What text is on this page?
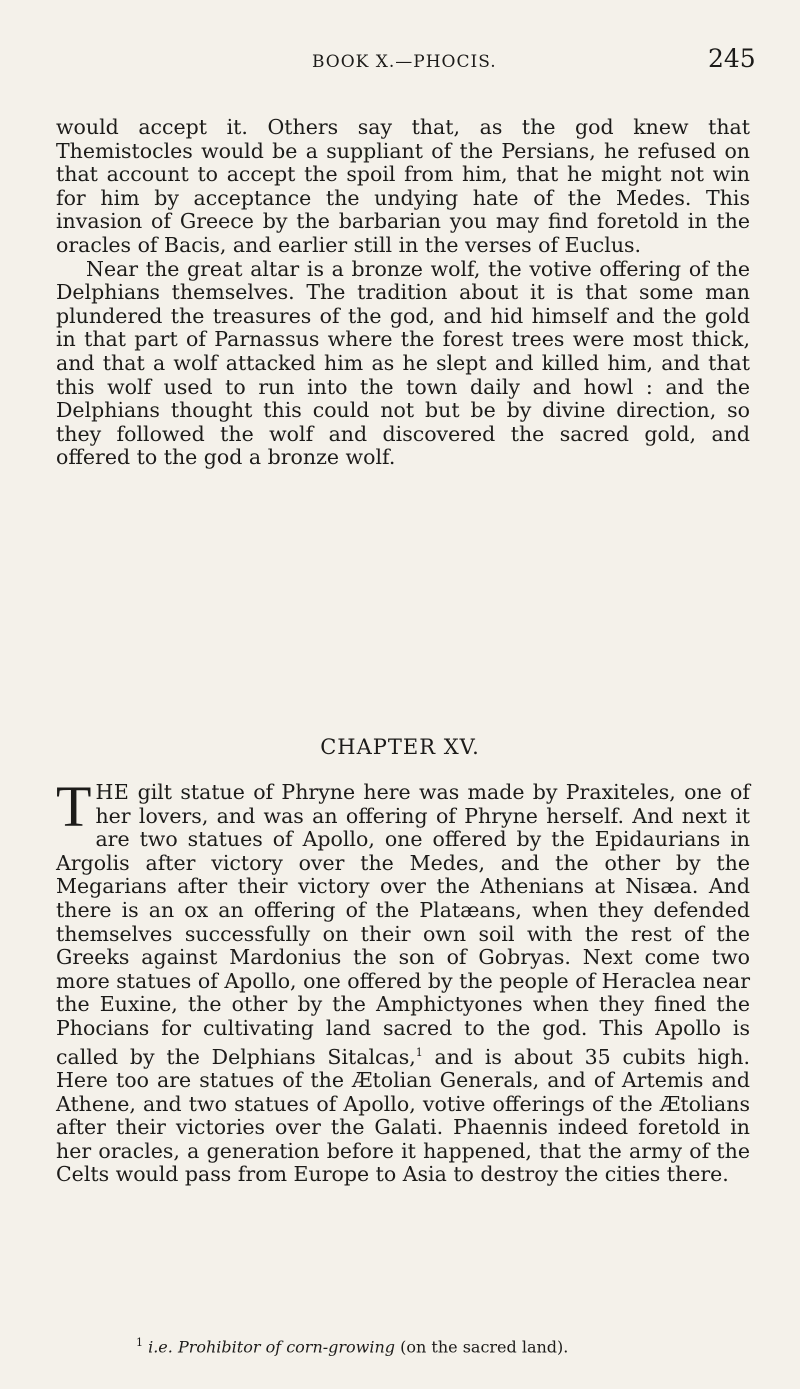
BOOK X.—PHOCIS.	245

would accept it. Others say that, as the god knew that Themistocles would be a suppliant of the Persians, he refused on that account to accept the spoil from him, that he might not win for him by acceptance the undying hate of the Medes. This invasion of Greece by the barbarian you may find foretold in the oracles of Bacis, and earlier still in the verses of Euclus.

Near the great altar is a bronze wolf, the votive offering of the Delphians themselves. The tradition about it is that some man plundered the treasures of the god, and hid himself and the gold in that part of Parnassus where the forest trees were most thick, and that a wolf attacked him as he slept and killed him, and that this wolf used to run into the town daily and howl : and the Delphians thought this could not but be by divine direction, so they followed the wolf and discovered the sacred gold, and offered to the god a bronze wolf.

CHAPTER XV.

THE gilt statue of Phryne here was made by Praxiteles, one of her lovers, and was an offering of Phryne herself. And next it are two statues of Apollo, one offered by the Epidaurians in Argolis after victory over the Medes, and the other by the Megarians after their victory over the Athenians at Nisæa. And there is an ox an offering of the Platæans, when they defended themselves successfully on their own soil with the rest of the Greeks against Mardonius the son of Gobryas. Next come two more statues of Apollo, one offered by the people of Heraclea near the Euxine, the other by the Amphictyones when they fined the Phocians for cultivating land sacred to the god. This Apollo is called by the Delphians Sitalcas,$^1$ and is about 35 cubits high. Here too are statues of the Ætolian Generals, and of Artemis and Athene, and two statues of Apollo, votive offerings of the Ætolians after their victories over the Galati. Phaennis indeed foretold in her oracles, a generation before it happened, that the army of the Celts would pass from Europe to Asia to destroy the cities there.

$^1$ i.e. Prohibitor of corn-growing (on the sacred land).
